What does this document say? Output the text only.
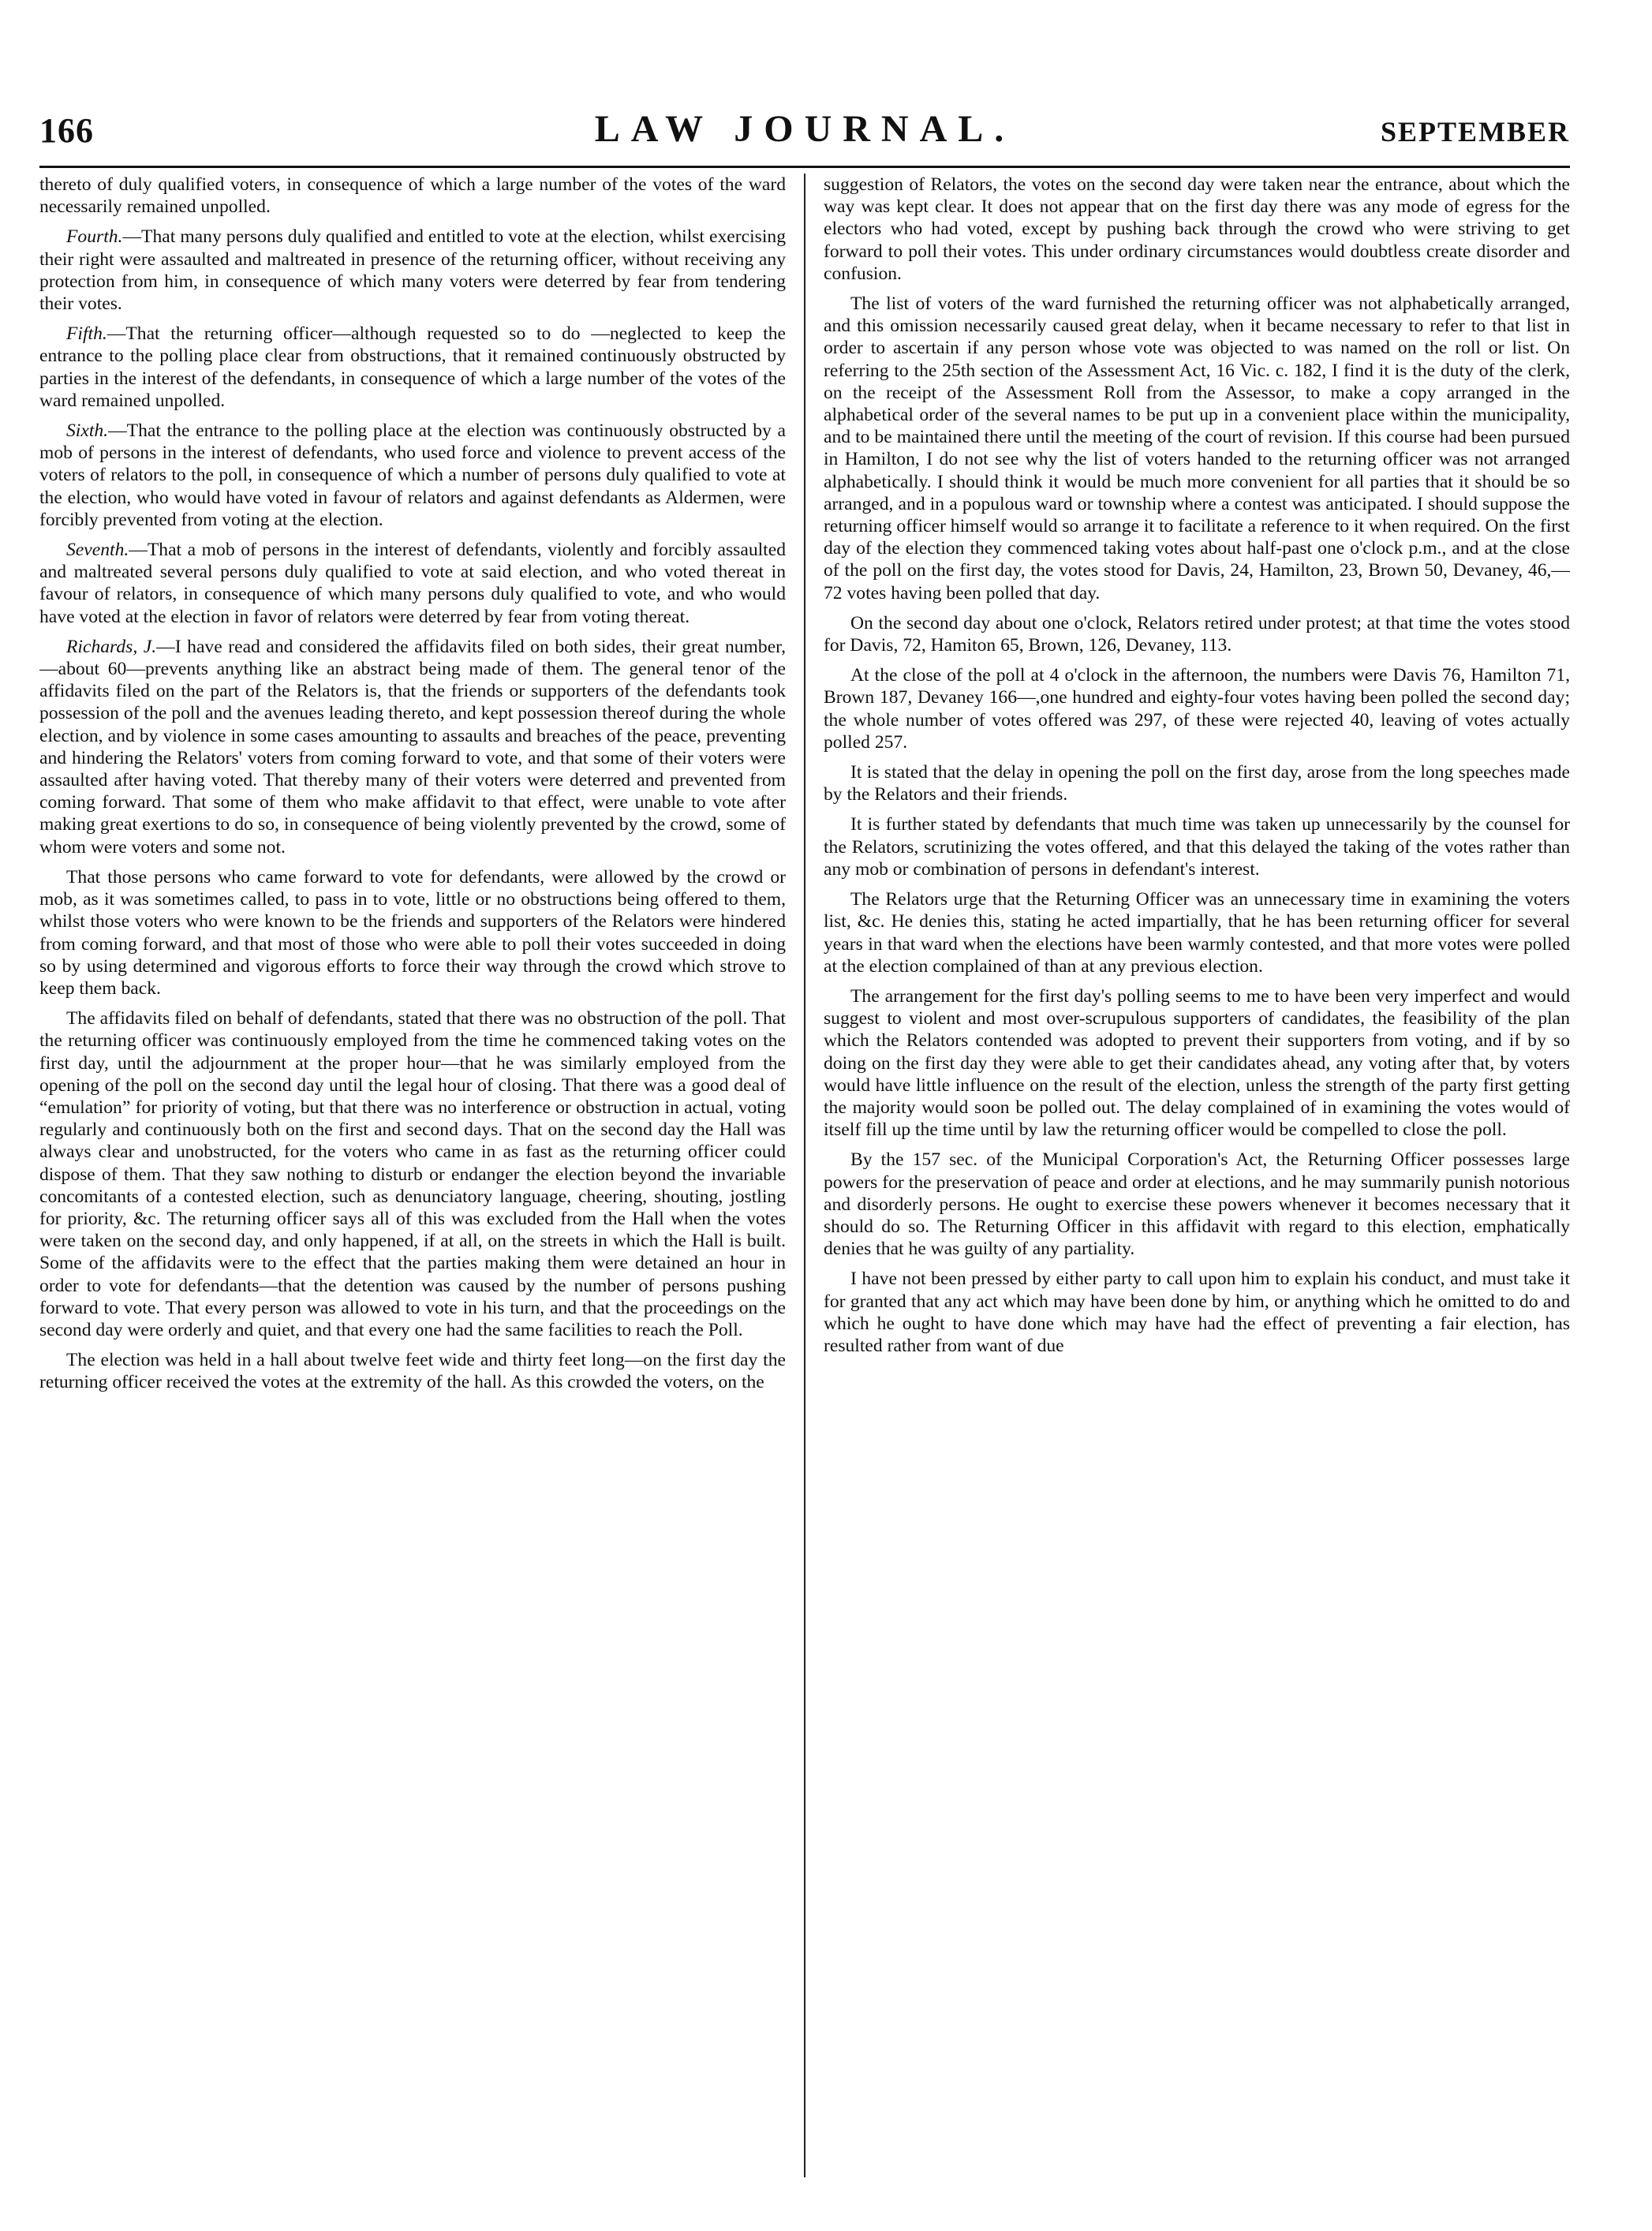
166	LAW JOURNAL.	SEPTEMBER

thereto of duly qualified voters, in consequence of which a large number of the votes of the ward necessarily remained unpolled.

Fourth.—That many persons duly qualified and entitled to vote at the election, whilst exercising their right were assaulted and maltreated in presence of the returning officer, without receiving any protection from him, in consequence of which many voters were deterred by fear from tendering their votes.

Fifth.—That the returning officer—although requested so to do —neglected to keep the entrance to the polling place clear from obstructions, that it remained continuously obstructed by parties in the interest of the defendants, in consequence of which a large number of the votes of the ward remained unpolled.

Sixth.—That the entrance to the polling place at the election was continuously obstructed by a mob of persons in the interest of defendants, who used force and violence to prevent access of the voters of relators to the poll, in consequence of which a number of persons duly qualified to vote at the election, who would have voted in favour of relators and against defendants as Aldermen, were forcibly prevented from voting at the election.

Seventh.—That a mob of persons in the interest of defendants, violently and forcibly assaulted and maltreated several persons duly qualified to vote at said election, and who voted thereat in favour of relators, in consequence of which many persons duly qualified to vote, and who would have voted at the election in favor of relators were deterred by fear from voting thereat.

Richards, J.—I have read and considered the affidavits filed on both sides, their great number,—about 60—prevents anything like an abstract being made of them. The general tenor of the affidavits filed on the part of the Relators is, that the friends or supporters of the defendants took possession of the poll and the avenues leading thereto, and kept possession thereof during the whole election, and by violence in some cases amounting to assaults and breaches of the peace, preventing and hindering the Relators' voters from coming forward to vote, and that some of their voters were assaulted after having voted. That thereby many of their voters were deterred and prevented from coming forward. That some of them who make affidavit to that effect, were unable to vote after making great exertions to do so, in consequence of being violently prevented by the crowd, some of whom were voters and some not.

That those persons who came forward to vote for defendants, were allowed by the crowd or mob, as it was sometimes called, to pass in to vote, little or no obstructions being offered to them, whilst those voters who were known to be the friends and supporters of the Relators were hindered from coming forward, and that most of those who were able to poll their votes succeeded in doing so by using determined and vigorous efforts to force their way through the crowd which strove to keep them back.

The affidavits filed on behalf of defendants, stated that there was no obstruction of the poll. That the returning officer was continuously employed from the time he commenced taking votes on the first day, until the adjournment at the proper hour—that he was similarly employed from the opening of the poll on the second day until the legal hour of closing. That there was a good deal of “emulation” for priority of voting, but that there was no interference or obstruction in actual, voting regularly and continuously both on the first and second days. That on the second day the Hall was always clear and unobstructed, for the voters who came in as fast as the returning officer could dispose of them. That they saw nothing to disturb or endanger the election beyond the invariable concomitants of a contested election, such as denunciatory language, cheering, shouting, jostling for priority, &c. The returning officer says all of this was excluded from the Hall when the votes were taken on the second day, and only happened, if at all, on the streets in which the Hall is built. Some of the affidavits were to the effect that the parties making them were detained an hour in order to vote for defendants—that the detention was caused by the number of persons pushing forward to vote. That every person was allowed to vote in his turn, and that the proceedings on the second day were orderly and quiet, and that every one had the same facilities to reach the Poll.

The election was held in a hall about twelve feet wide and thirty feet long—on the first day the returning officer received the votes at the extremity of the hall. As this crowded the voters, on the

suggestion of Relators, the votes on the second day were taken near the entrance, about which the way was kept clear. It does not appear that on the first day there was any mode of egress for the electors who had voted, except by pushing back through the crowd who were striving to get forward to poll their votes. This under ordinary circumstances would doubtless create disorder and confusion.

The list of voters of the ward furnished the returning officer was not alphabetically arranged, and this omission necessarily caused great delay, when it became necessary to refer to that list in order to ascertain if any person whose vote was objected to was named on the roll or list. On referring to the 25th section of the Assessment Act, 16 Vic. c. 182, I find it is the duty of the clerk, on the receipt of the Assessment Roll from the Assessor, to make a copy arranged in the alphabetical order of the several names to be put up in a convenient place within the municipality, and to be maintained there until the meeting of the court of revision. If this course had been pursued in Hamilton, I do not see why the list of voters handed to the returning officer was not arranged alphabetically. I should think it would be much more convenient for all parties that it should be so arranged, and in a populous ward or township where a contest was anticipated. I should suppose the returning officer himself would so arrange it to facilitate a reference to it when required. On the first day of the election they commenced taking votes about half-past one o'clock p.m., and at the close of the poll on the first day, the votes stood for Davis, 24, Hamilton, 23, Brown 50, Devaney, 46,—72 votes having been polled that day.

On the second day about one o'clock, Relators retired under protest; at that time the votes stood for Davis, 72, Hamiton 65, Brown, 126, Devaney, 113.

At the close of the poll at 4 o'clock in the afternoon, the numbers were Davis 76, Hamilton 71, Brown 187, Devaney 166—,one hundred and eighty-four votes having been polled the second day; the whole number of votes offered was 297, of these were rejected 40, leaving of votes actually polled 257.

It is stated that the delay in opening the poll on the first day, arose from the long speeches made by the Relators and their friends.

It is further stated by defendants that much time was taken up unnecessarily by the counsel for the Relators, scrutinizing the votes offered, and that this delayed the taking of the votes rather than any mob or combination of persons in defendant's interest.

The Relators urge that the Returning Officer was an unnecessary time in examining the voters list, &c. He denies this, stating he acted impartially, that he has been returning officer for several years in that ward when the elections have been warmly contested, and that more votes were polled at the election complained of than at any previous election.

The arrangement for the first day's polling seems to me to have been very imperfect and would suggest to violent and most over-scrupulous supporters of candidates, the feasibility of the plan which the Relators contended was adopted to prevent their supporters from voting, and if by so doing on the first day they were able to get their candidates ahead, any voting after that, by voters would have little influence on the result of the election, unless the strength of the party first getting the majority would soon be polled out. The delay complained of in examining the votes would of itself fill up the time until by law the returning officer would be compelled to close the poll.

By the 157 sec. of the Municipal Corporation's Act, the Returning Officer possesses large powers for the preservation of peace and order at elections, and he may summarily punish notorious and disorderly persons. He ought to exercise these powers whenever it becomes necessary that it should do so. The Returning Officer in this affidavit with regard to this election, emphatically denies that he was guilty of any partiality.

I have not been pressed by either party to call upon him to explain his conduct, and must take it for granted that any act which may have been done by him, or anything which he omitted to do and which he ought to have done which may have had the effect of preventing a fair election, has resulted rather from want of due
